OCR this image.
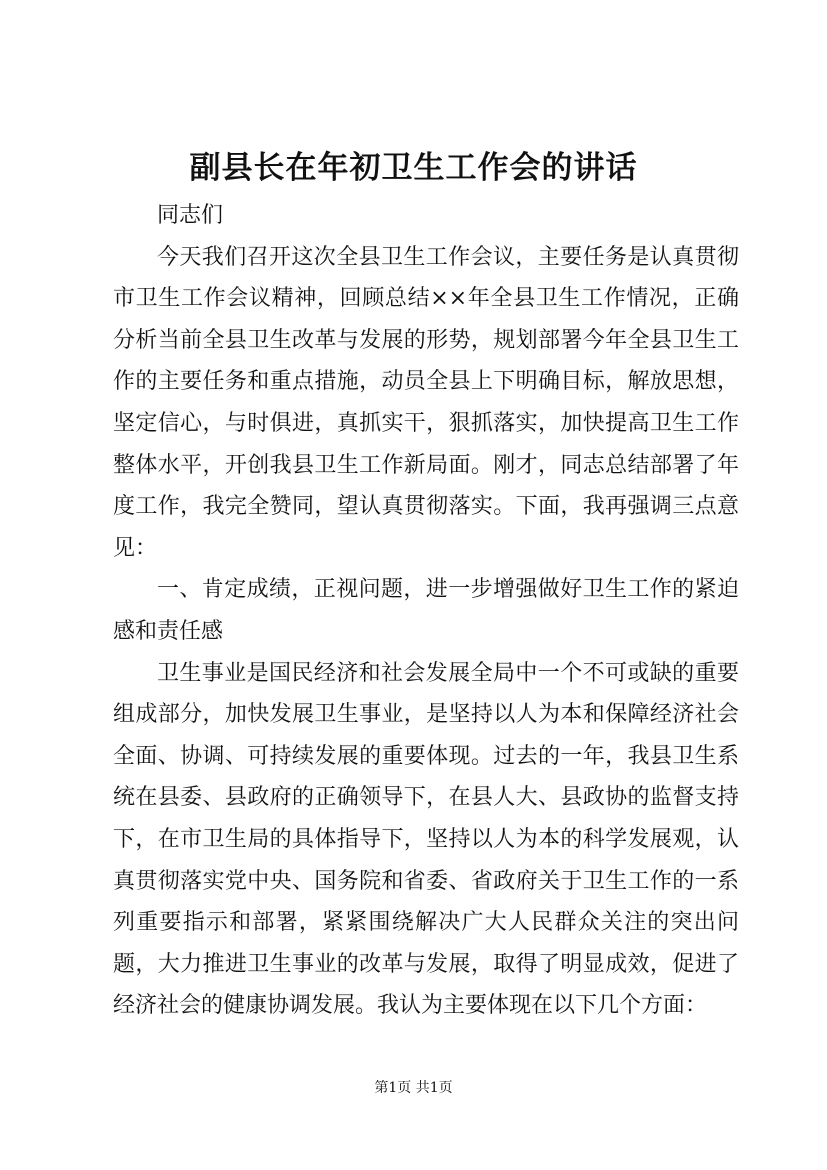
副县长在年初卫生工作会的讲话

同志们

今天我们召开这次全县卫生工作会议，主要任务是认真贯彻市卫生工作会议精神，回顾总结××年全县卫生工作情况，正确分析当前全县卫生改革与发展的形势，规划部署今年全县卫生工作的主要任务和重点措施，动员全县上下明确目标，解放思想，坚定信心，与时俱进，真抓实干，狠抓落实，加快提高卫生工作整体水平，开创我县卫生工作新局面。刚才，同志总结部署了年度工作，我完全赞同，望认真贯彻落实。下面，我再强调三点意见：

一、肯定成绩，正视问题，进一步增强做好卫生工作的紧迫感和责任感

卫生事业是国民经济和社会发展全局中一个不可或缺的重要组成部分，加快发展卫生事业，是坚持以人为本和保障经济社会全面、协调、可持续发展的重要体现。过去的一年，我县卫生系统在县委、县政府的正确领导下，在县人大、县政协的监督支持下，在市卫生局的具体指导下，坚持以人为本的科学发展观，认真贯彻落实党中央、国务院和省委、省政府关于卫生工作的一系列重要指示和部署，紧紧围绕解决广大人民群众关注的突出问题，大力推进卫生事业的改革与发展，取得了明显成效，促进了经济社会的健康协调发展。我认为主要体现在以下几个方面：

第1页 共1页
